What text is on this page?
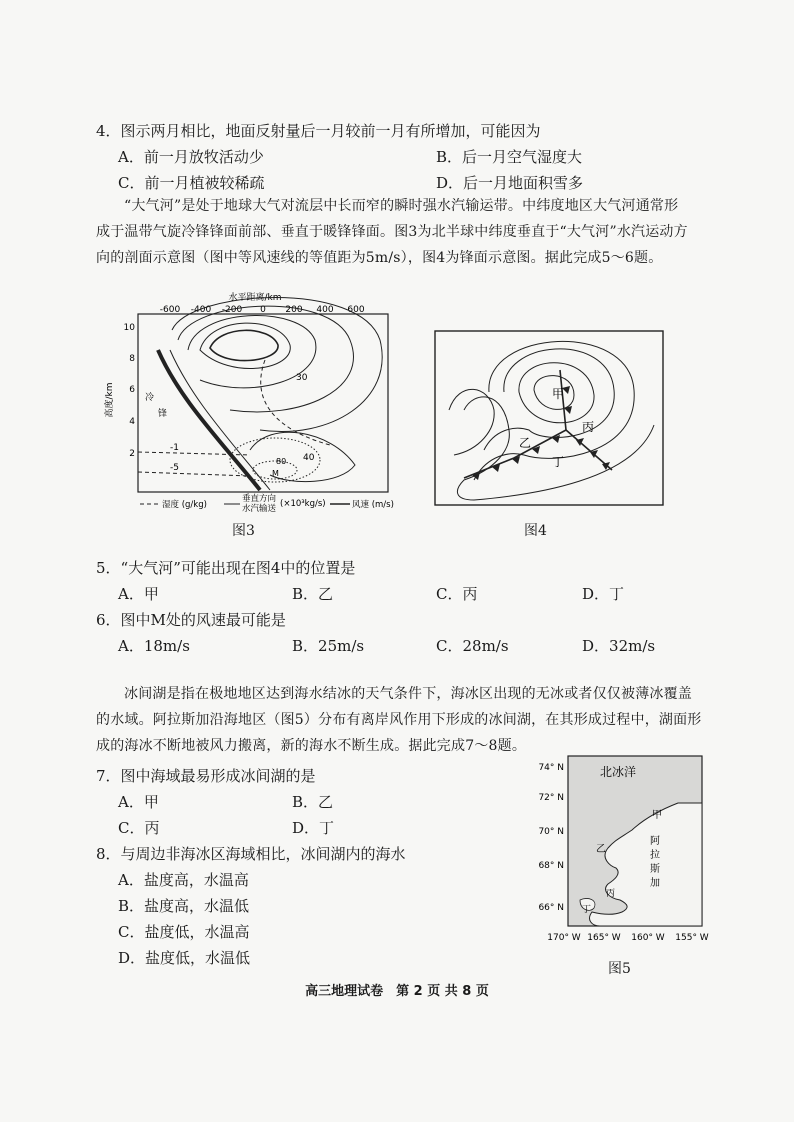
4．图示两月相比，地面反射量后一月较前一月有所增加，可能因为
A．前一月放牧活动少	B．后一月空气湿度大
C．前一月植被较稀疏	D．后一月地面积雪多
“大气河”是处于地球大气对流层中长而窄的瞬时强水汽输运带。中纬度地区大气河通常形
成于温带气旋冷锋锋面前部、垂直于暖锋锋面。图3为北半球中纬度垂直于“大气河”水汽运动方
向的剖面示意图（图中等风速线的等值距为5m/s），图4为锋面示意图。据此完成5～6题。
水平距离/km
-600 -400 -200 0 200 400 600
10
8
6
4
2
高度/km	冷
锋
30
40
-1
-5
80
M
湿度 (g/kg)
垂直方向
水汽输送 (×10³kg/s)	风速 (m/s)
图3
甲
乙
丙
丁
图4
5．“大气河”可能出现在图4中的位置是
A．甲	B．乙	C．丙	D．丁
6．图中M处的风速最可能是
A．18m/s	B．25m/s	C．28m/s	D．32m/s
冰间湖是指在极地地区达到海水结冰的天气条件下，海冰区出现的无冰或者仅仅被薄冰覆盖
的水域。阿拉斯加沿海地区（图5）分布有离岸风作用下形成的冰间湖，在其形成过程中，湖面形
成的海冰不断地被风力搬离，新的海水不断生成。据此完成7～8题。
7．图中海域最易形成冰间湖的是
A．甲	B．乙
C．丙	D．丁
8．与周边非海冰区海域相比，冰间湖内的海水
A．盐度高，水温高
B．盐度高，水温低
C．盐度低，水温高
D．盐度低，水温低
北冰洋
甲
乙
丙
丁
阿
拉
斯
加
74° N
72° N
70° N
68° N
66° N
170° W 165° W 160° W 155° W
图5
高三地理试卷　第 2 页 共 8 页
